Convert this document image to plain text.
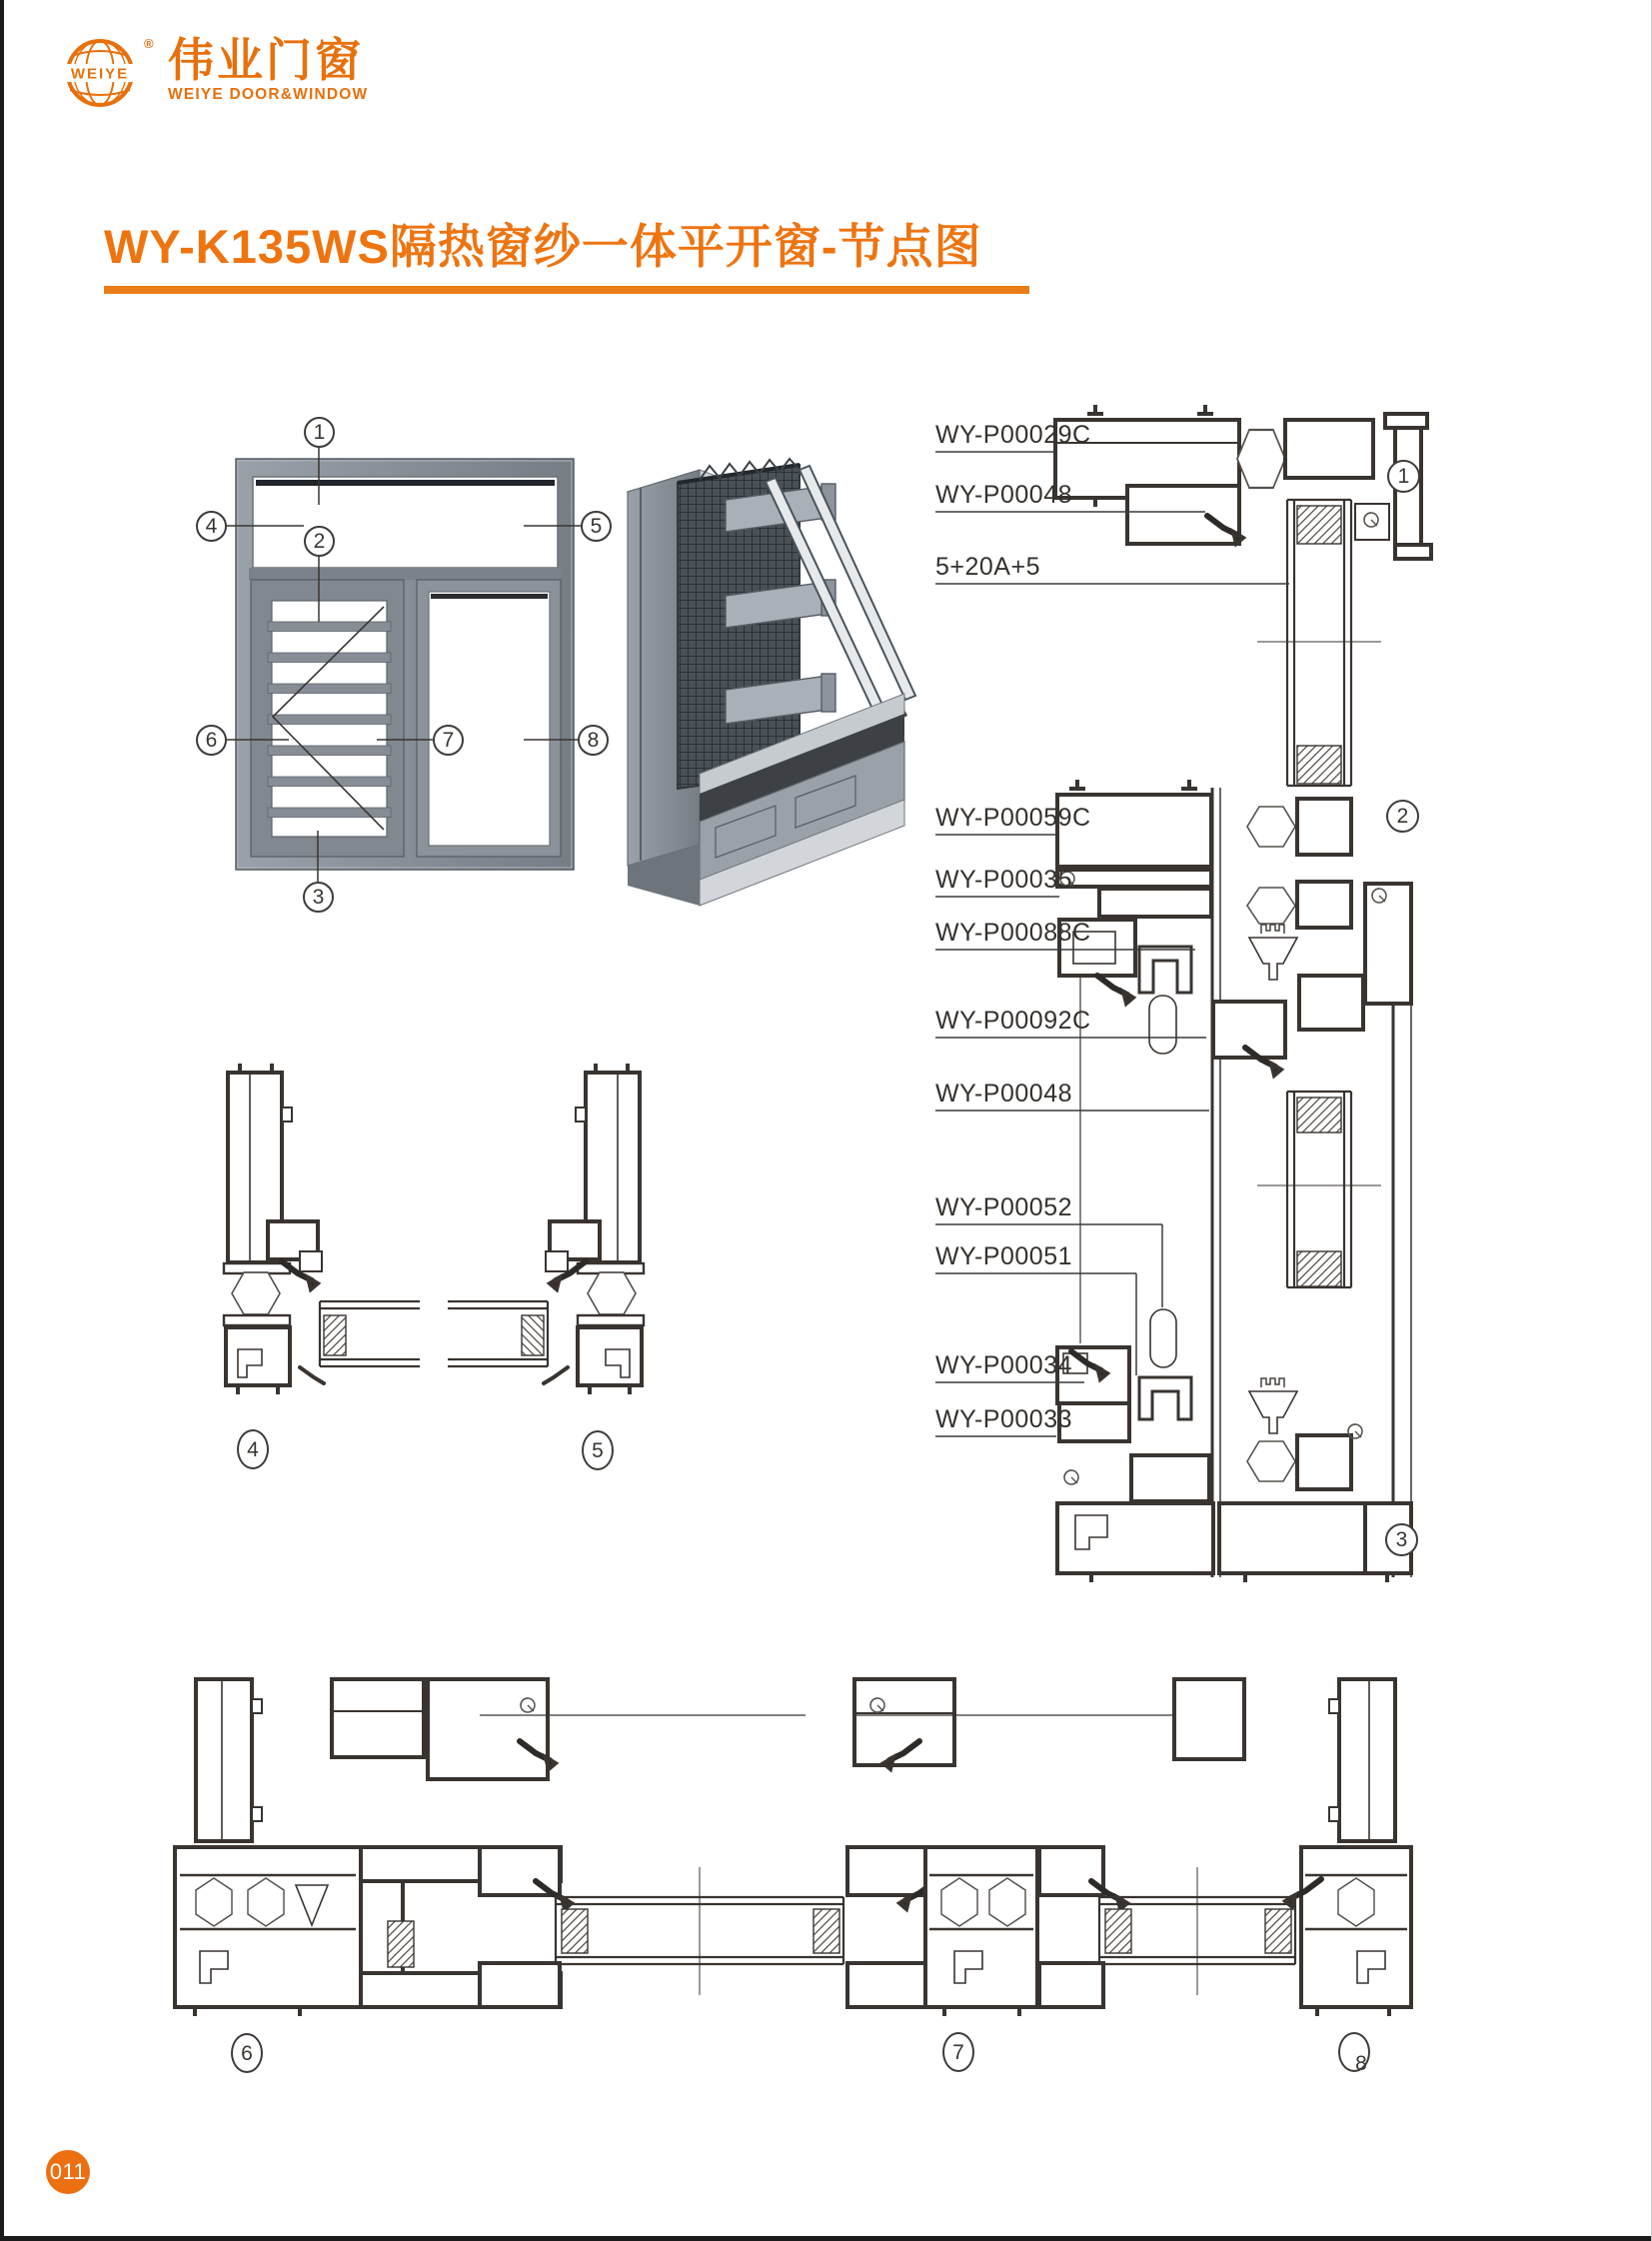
WEIYE
® 伟业门窗
WEIYE DOOR&WINDOW
WY-K135WS隔热窗纱一体平开窗-节点图
1
2
3
4	5
6	7	8
1
2
3
4	5
6	7	8
WY-P00029C
WY-P00048
5+20A+5
WY-P00059C
WY-P00035
WY-P00088C
WY-P00092C
WY-P00048
WY-P00052
WY-P00051
WY-P00034
WY-P00033
011
